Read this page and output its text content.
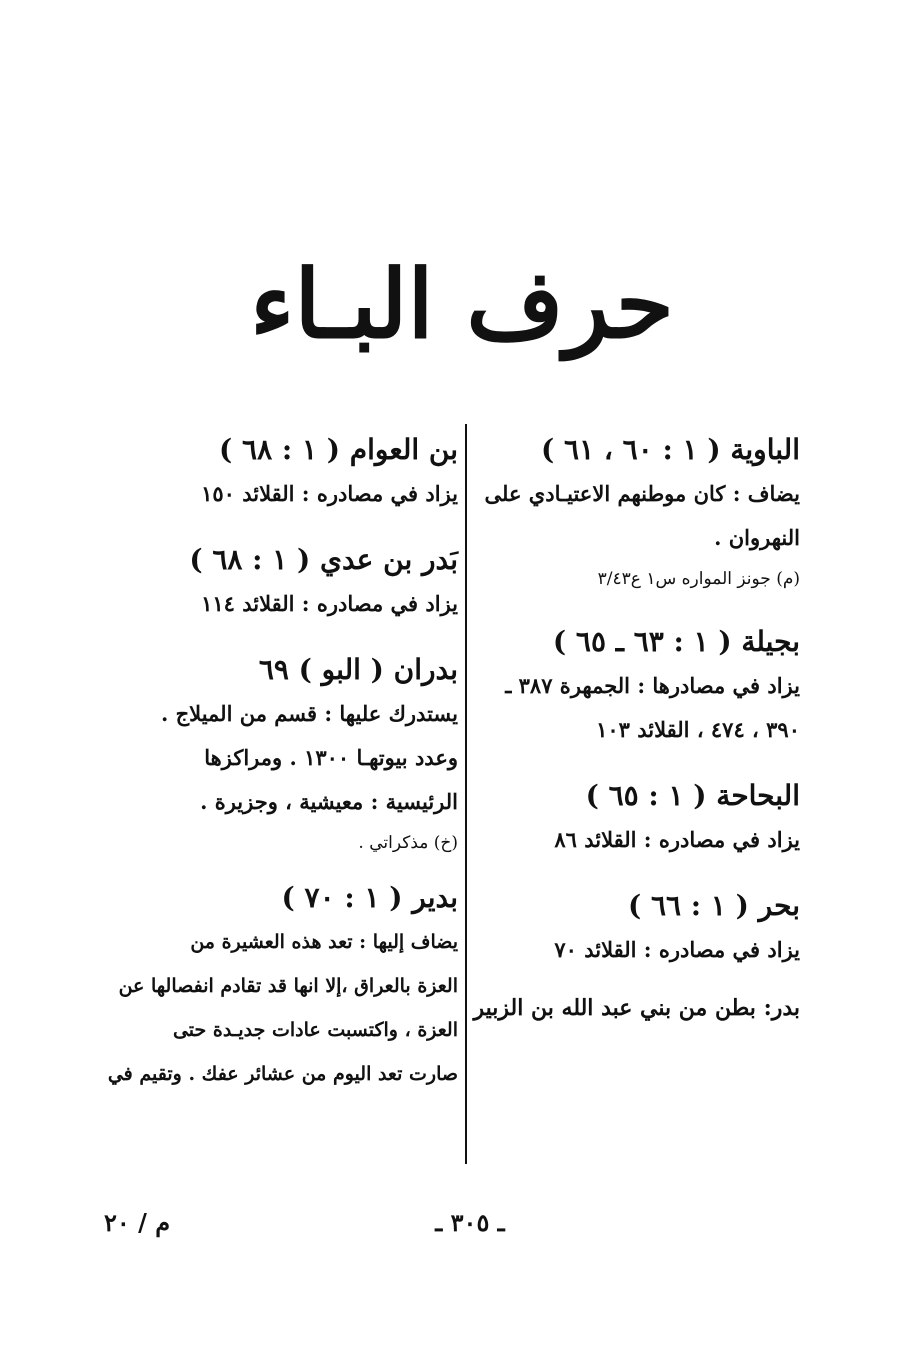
حرف البـاء
الباوية ( ١ : ٦٠ ، ٦١ )
يضاف : كان موطنهم الاعتيـادي على
النهروان .
(م) جونز المواره س١ ع٣/٤٣
بجيلة ( ١ : ٦٣ ـ ٦٥ )
يزاد في مصادرها : الجمهرة ٣٨٧ ـ
٣٩٠ ، ٤٧٤ ، القلائد ١٠٣
البحاحة ( ١ : ٦٥ )
يزاد في مصادره : القلائد ٨٦
بحر ( ١ : ٦٦ )
يزاد في مصادره : القلائد ٧٠
بدر: بطن من بني عبد الله بن الزبير
بن العوام ( ١ : ٦٨ )
يزاد في مصادره : القلائد ١٥٠
بَدر بن عدي ( ١ : ٦٨ )
يزاد في مصادره : القلائد ١١٤
بدران ( البو ) ٦٩
يستدرك عليها : قسم من الميلاج .
وعدد بيوتهـا ١٣٠٠ . ومراكزها
الرئيسية : معيشية ، وجزيرة .
(خ) مذكراتي .
بدير ( ١ : ٧٠ )
يضاف إليها : تعد هذه العشيرة من
العزة بالعراق ،إلا انها قد تقادم انفصالها عن
العزة ، واكتسبت عادات جديـدة حتى
صارت تعد اليوم من عشائر عفك . وتقيم في
ـ ٣٠٥ ـ
م / ٢٠
